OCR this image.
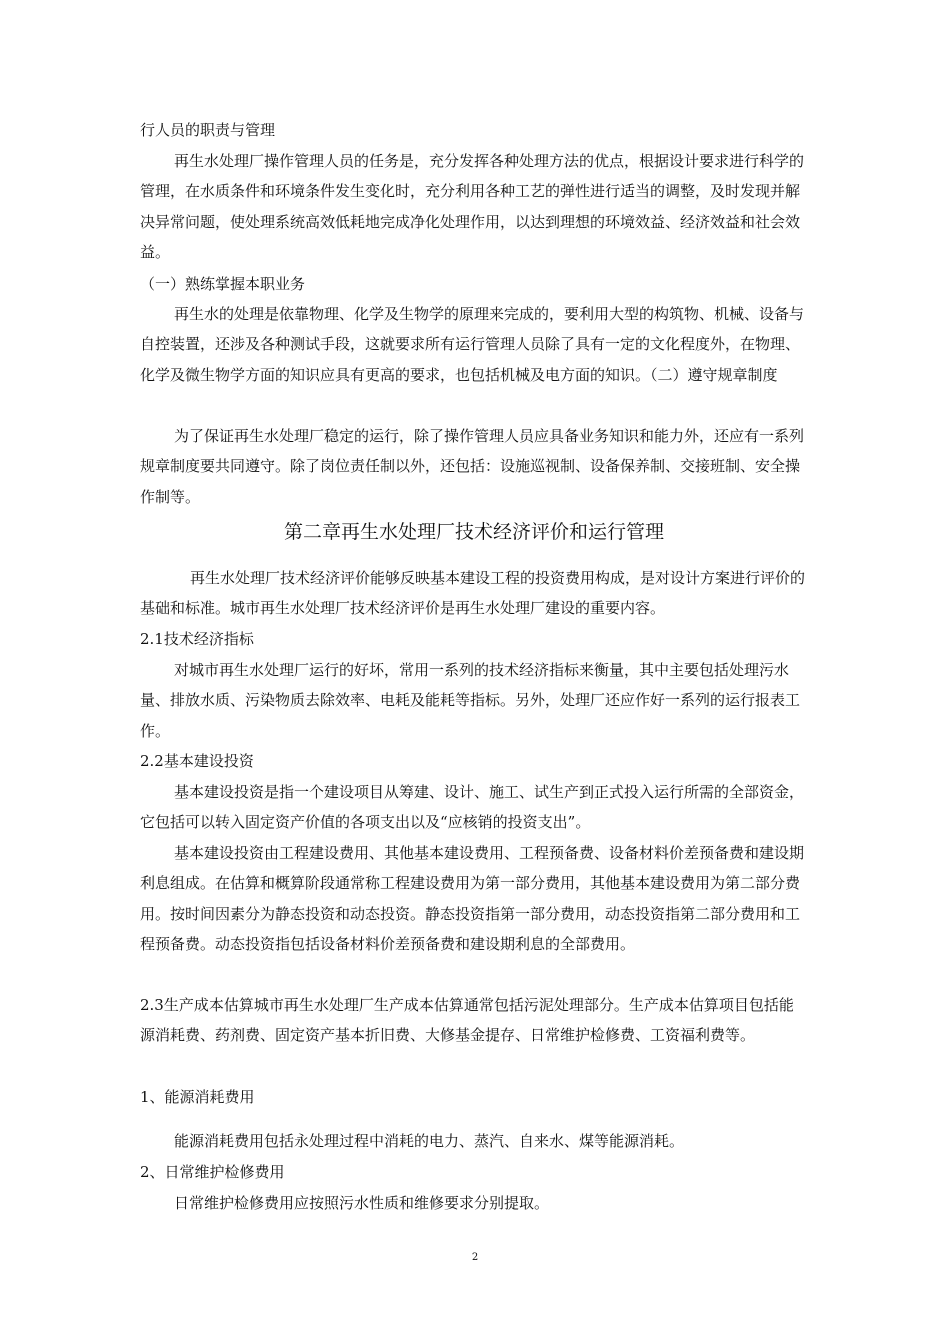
行人员的职责与管理

再生水处理厂操作管理人员的任务是，充分发挥各种处理方法的优点，根据设计要求进行科学的管理，在水质条件和环境条件发生变化时，充分利用各种工艺的弹性进行适当的调整，及时发现并解决异常问题，使处理系统高效低耗地完成净化处理作用，以达到理想的环境效益、经济效益和社会效益。

（一）熟练掌握本职业务

再生水的处理是依靠物理、化学及生物学的原理来完成的，要利用大型的构筑物、机械、设备与自控装置，还涉及各种测试手段，这就要求所有运行管理人员除了具有一定的文化程度外，在物理、化学及微生物学方面的知识应具有更高的要求，也包括机械及电方面的知识。（二）遵守规章制度

为了保证再生水处理厂稳定的运行，除了操作管理人员应具备业务知识和能力外，还应有一系列规章制度要共同遵守。除了岗位责任制以外，还包括：设施巡视制、设备保养制、交接班制、安全操作制等。

第二章再生水处理厂技术经济评价和运行管理

再生水处理厂技术经济评价能够反映基本建设工程的投资费用构成，是对设计方案进行评价的基础和标准。城市再生水处理厂技术经济评价是再生水处理厂建设的重要内容。

2.1技术经济指标

对城市再生水处理厂运行的好坏，常用一系列的技术经济指标来衡量，其中主要包括处理污水量、排放水质、污染物质去除效率、电耗及能耗等指标。另外，处理厂还应作好一系列的运行报表工作。

2.2基本建设投资

基本建设投资是指一个建设项目从筹建、设计、施工、试生产到正式投入运行所需的全部资金，它包括可以转入固定资产价值的各项支出以及“应核销的投资支出”。

基本建设投资由工程建设费用、其他基本建设费用、工程预备费、设备材料价差预备费和建设期利息组成。在估算和概算阶段通常称工程建设费用为第一部分费用，其他基本建设费用为第二部分费用。按时间因素分为静态投资和动态投资。静态投资指第一部分费用，动态投资指第二部分费用和工程预备费。动态投资指包括设备材料价差预备费和建设期利息的全部费用。

2.3生产成本估算城市再生水处理厂生产成本估算通常包括污泥处理部分。生产成本估算项目包括能源消耗费、药剂费、固定资产基本折旧费、大修基金提存、日常维护检修费、工资福利费等。

1、能源消耗费用

能源消耗费用包括永处理过程中消耗的电力、蒸汽、自来水、煤等能源消耗。

2、日常维护检修费用

日常维护检修费用应按照污水性质和维修要求分别提取。

2
